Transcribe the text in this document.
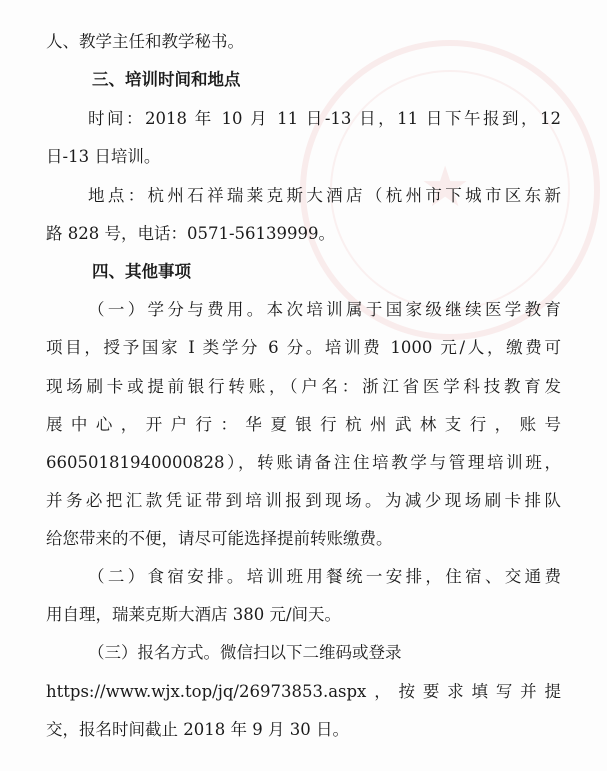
★
人、教学主任和教学秘书。
三、培训时间和地点
时间：2018 年 10 月 11 日-13 日，11 日下午报到，12
日-13 日培训。
地点：杭州石祥瑞莱克斯大酒店（杭州市下城市区东新
路 828 号，电话：0571-56139999。
四、其他事项
（一）学分与费用。本次培训属于国家级继续医学教育
项目，授予国家 I 类学分 6 分。培训费 1000 元/人，缴费可
现场刷卡或提前银行转账，（户名：浙江省医学科技教育发
展中心，开户行：华夏银行杭州武林支行，账号
66050181940000828），转账请备注住培教学与管理培训班，
并务必把汇款凭证带到培训报到现场。为减少现场刷卡排队
给您带来的不便，请尽可能选择提前转账缴费。
（二）食宿安排。培训班用餐统一安排，住宿、交通费
用自理，瑞莱克斯大酒店 380 元/间天。
（三）报名方式。微信扫以下二维码或登录
https://www.wjx.top/jq/26973853.aspx，按要求填写并提
交，报名时间截止 2018 年 9 月 30 日。
